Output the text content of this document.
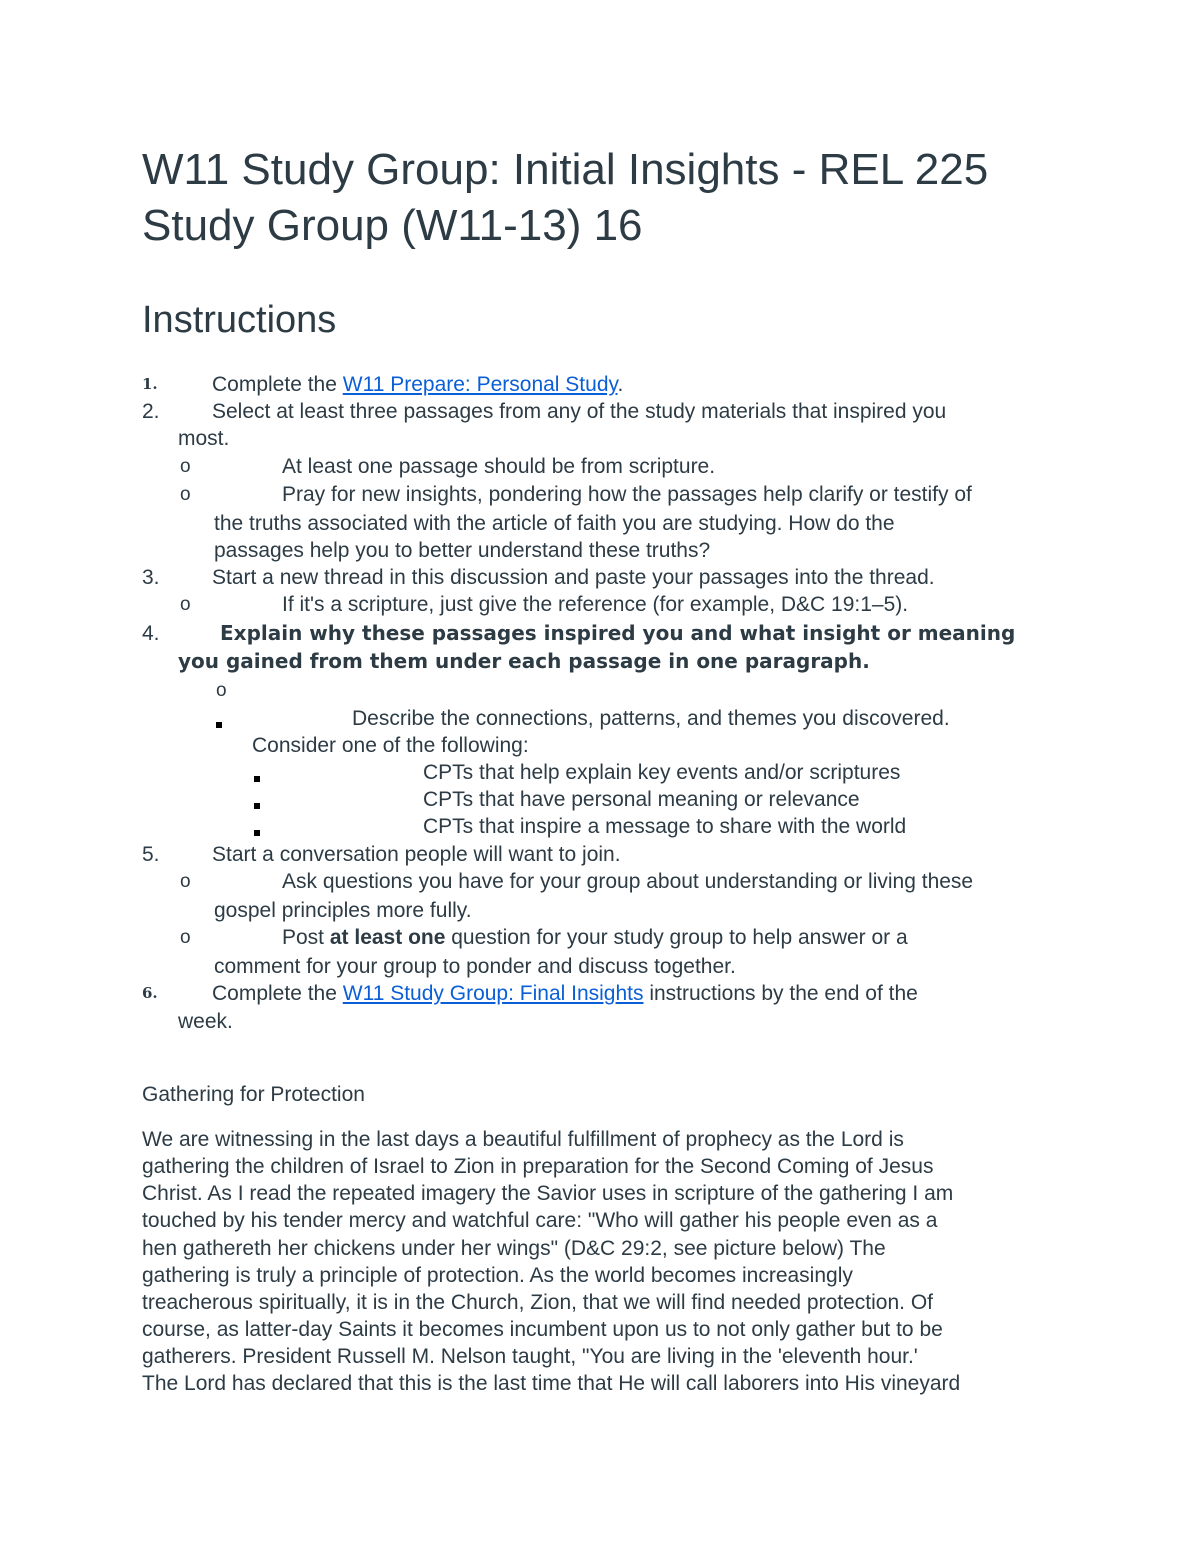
W11 Study Group: Initial Insights - REL 225
Study Group (W11-13) 16
Instructions
1.	Complete the W11 Prepare: Personal Study.
2. Select at least three passages from any of the study materials that inspired you
most.
o	At least one passage should be from scripture.
o	Pray for new insights, pondering how the passages help clarify or testify of
the truths associated with the article of faith you are studying. How do the
passages help you to better understand these truths?
3. Start a new thread in this discussion and paste your passages into the thread.
o	If it's a scripture, just give the reference (for example, D&C 19:1–5).
4.	Explain why these passages inspired you and what insight or meaning
you gained from them under each passage in one paragraph.
o
Describe the connections, patterns, and themes you discovered.
Consider one of the following:
CPTs that help explain key events and/or scriptures
CPTs that have personal meaning or relevance
CPTs that inspire a message to share with the world
5. Start a conversation people will want to join.
o	Ask questions you have for your group about understanding or living these
gospel principles more fully.
o	Post at least one question for your study group to help answer or a
comment for your group to ponder and discuss together.
6.	Complete the W11 Study Group: Final Insights instructions by the end of the
week.
Gathering for Protection
We are witnessing in the last days a beautiful fulfillment of prophecy as the Lord is
gathering the children of Israel to Zion in preparation for the Second Coming of Jesus
Christ. As I read the repeated imagery the Savior uses in scripture of the gathering I am
touched by his tender mercy and watchful care: "Who will gather his people even as a
hen gathereth her chickens under her wings" (D&C 29:2, see picture below) The
gathering is truly a principle of protection. As the world becomes increasingly
treacherous spiritually, it is in the Church, Zion, that we will find needed protection. Of
course, as latter-day Saints it becomes incumbent upon us to not only gather but to be
gatherers. President Russell M. Nelson taught, "You are living in the 'eleventh hour.'
The Lord has declared that this is the last time that He will call laborers into His vineyard
